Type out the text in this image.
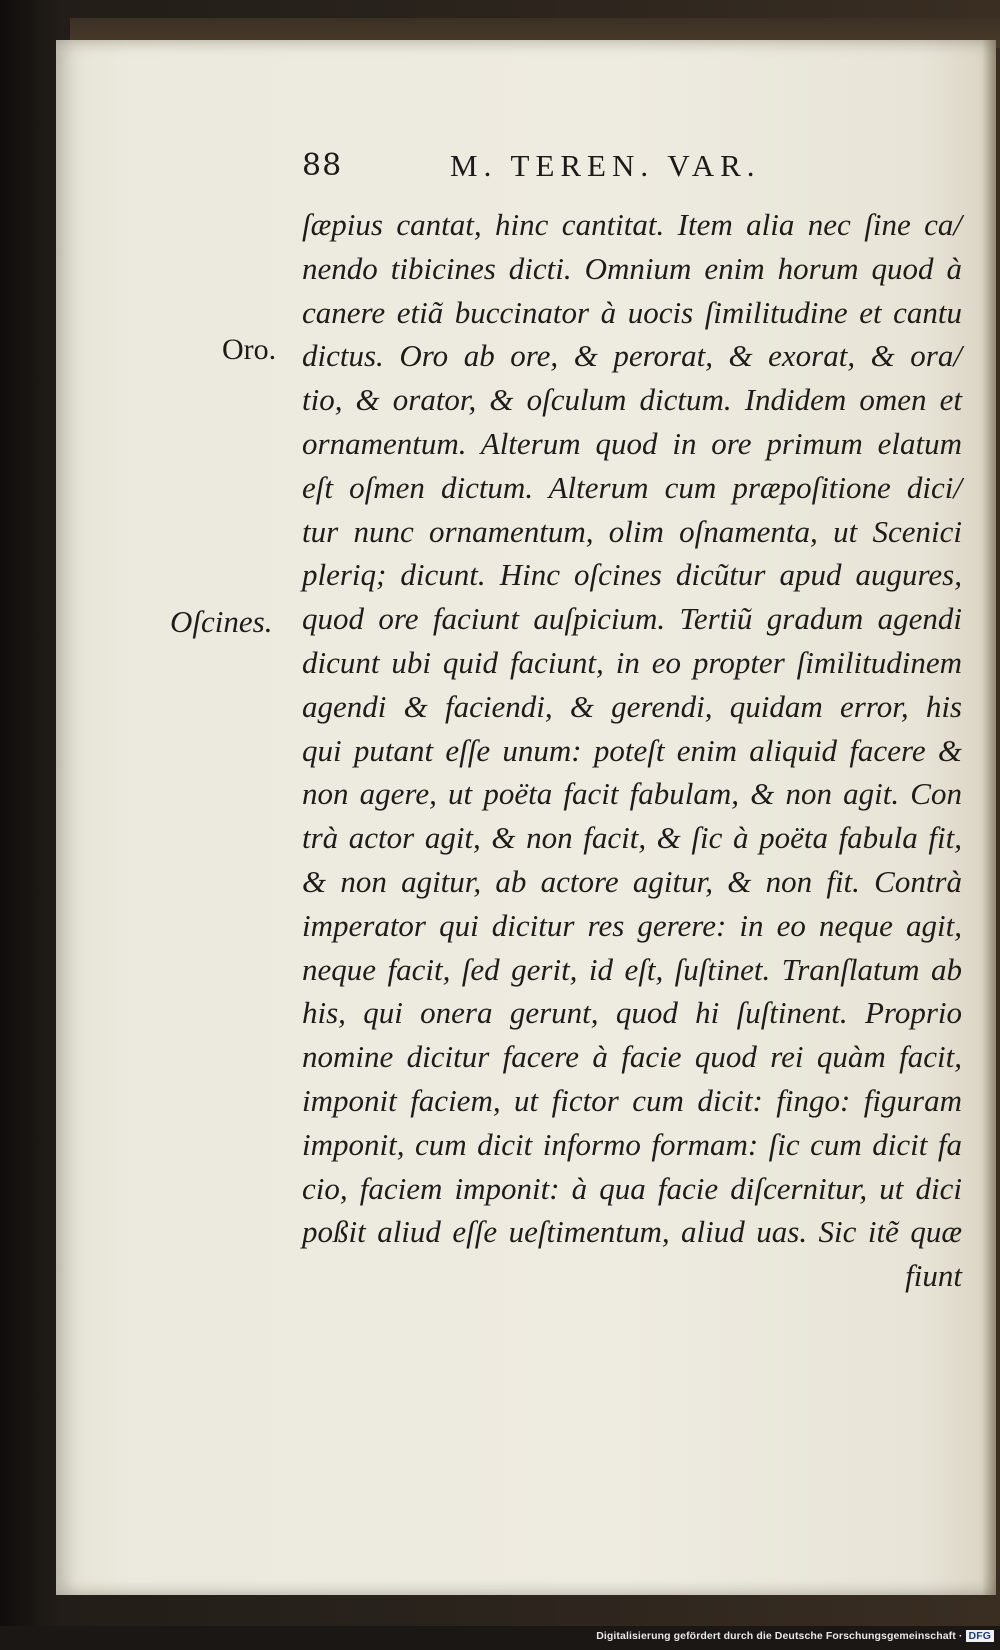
88	M. TEREN. VAR.
Oro.
Oſcines.
ſæpius cantat, hinc cantitat. Item alia nec ſine ca/
nendo tibicines dicti. Omnium enim horum quod à
canere etiã buccinator à uocis ſimilitudine et cantu
dictus. Oro ab ore, & perorat, & exorat, & ora/
tio, & orator, & oſculum dictum. Indidem omen et
ornamentum. Alterum quod in ore primum elatum
eſt oſmen dictum. Alterum cum præpoſitione dici/
tur nunc ornamentum, olim oſnamenta, ut Scenici
pleriq; dicunt. Hinc oſcines dicũtur apud augures,
quod ore faciunt auſpicium. Tertiũ gradum agendi
dicunt ubi quid faciunt, in eo propter ſimilitudinem
agendi & faciendi, & gerendi, quidam error, his
qui putant eſſe unum: poteſt enim aliquid facere &
non agere, ut poëta facit fabulam, & non agit. Con
trà actor agit, & non facit, & ſic à poëta fabula fit,
& non agitur, ab actore agitur, & non fit. Contrà
imperator qui dicitur res gerere: in eo neque agit,
neque facit, ſed gerit, id eſt, ſuſtinet. Tranſlatum ab
his, qui onera gerunt, quod hi ſuſtinent. Proprio
nomine dicitur facere à facie quod rei quàm facit,
imponit faciem, ut fictor cum dicit: fingo: figuram
imponit, cum dicit informo formam: ſic cum dicit fa
cio, faciem imponit: à qua facie diſcernitur, ut dici
poßit aliud eſſe ueſtimentum, aliud uas. Sic itẽ quæ
fiunt
Digitalisierung gefördert durch die Deutsche Forschungsgemeinschaft · DFG
